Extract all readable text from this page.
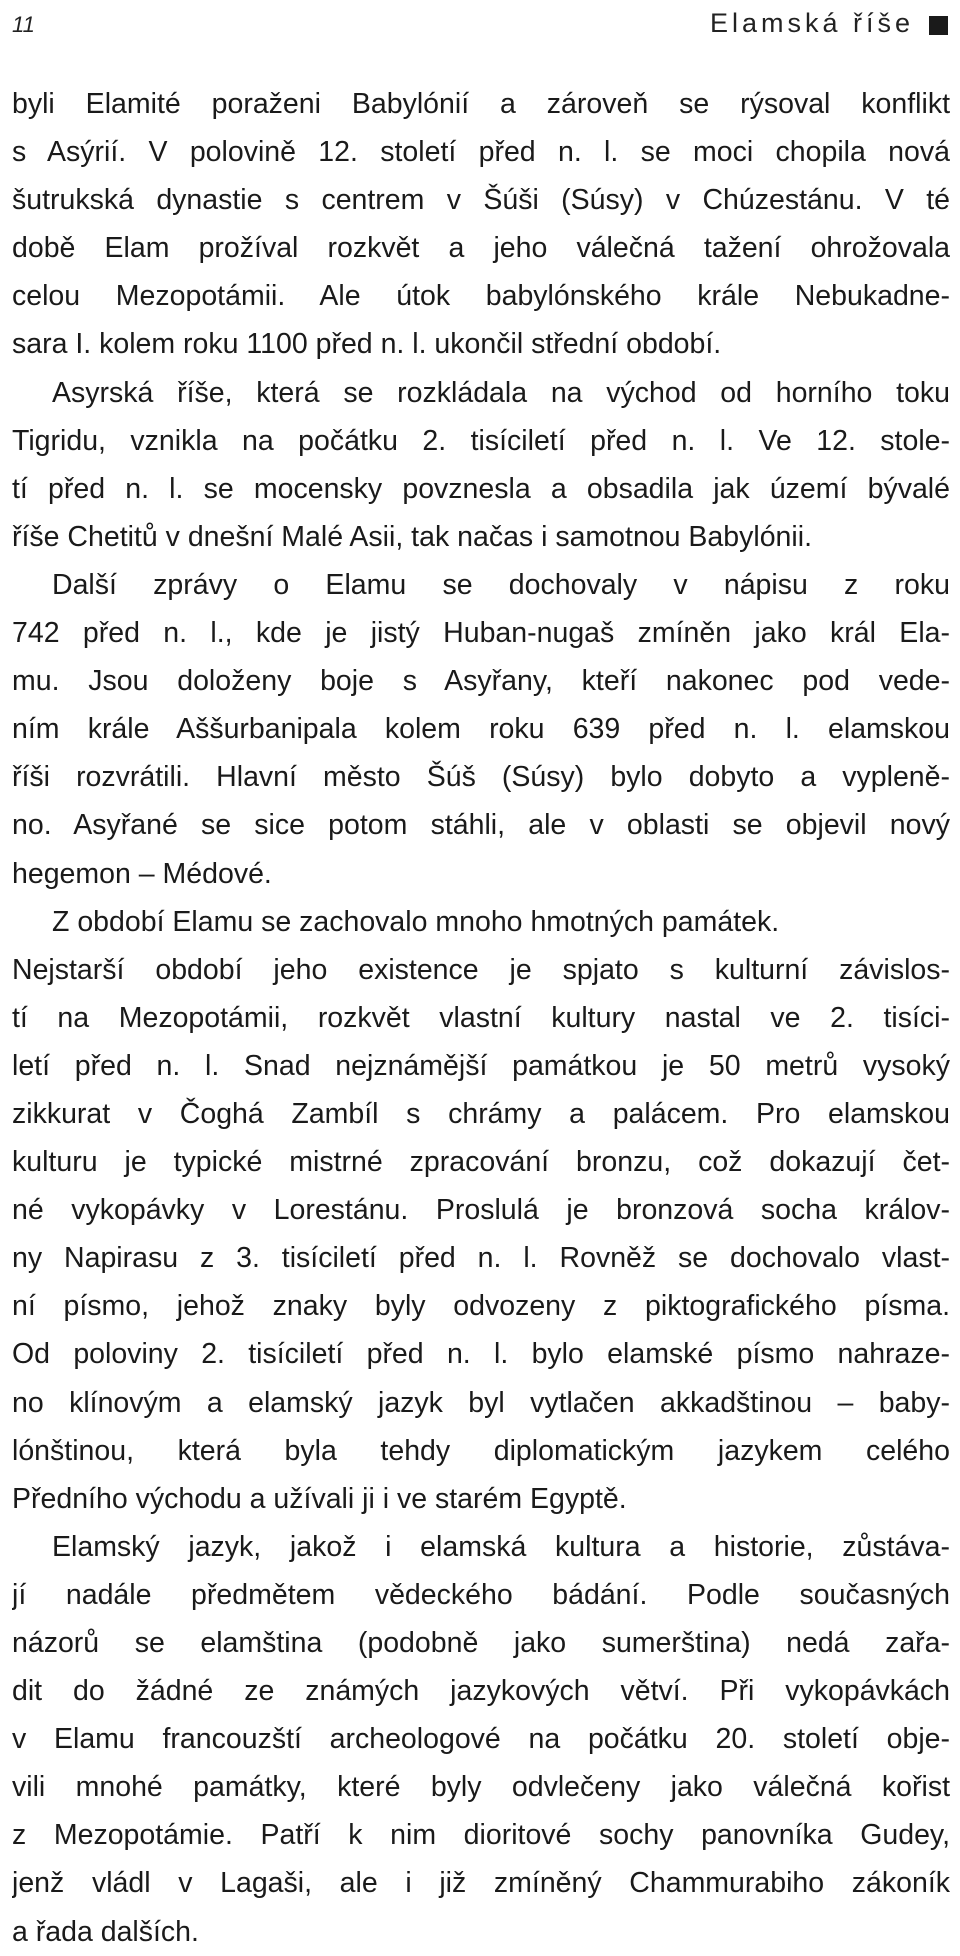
11	Elamská říše
byli Elamité poraženi Babylónií a zároveň se rýsoval konflikt
s Asýrií. V polovině 12. století před n. l. se moci chopila nová
šutrukská dynastie s centrem v Šúši (Súsy) v Chúzestánu. V té
době Elam prožíval rozkvět a jeho válečná tažení ohrožovala
celou Mezopotámii. Ale útok babylónského krále Nebukadne-
sara I. kolem roku 1100 před n. l. ukončil střední období.
Asyrská říše, která se rozkládala na východ od horního toku
Tigridu, vznikla na počátku 2. tisíciletí před n. l. Ve 12. stole-
tí před n. l. se mocensky povznesla a obsadila jak území bývalé
říše Chetitů v dnešní Malé Asii, tak načas i samotnou Babylónii.
Další zprávy o Elamu se dochovaly v nápisu z roku
742 před n. l., kde je jistý Huban-nugaš zmíněn jako král Ela-
mu. Jsou doloženy boje s Asyřany, kteří nakonec pod vede-
ním krále Aššurbanipala kolem roku 639 před n. l. elamskou
říši rozvrátili. Hlavní město Šúš (Súsy) bylo dobyto a vypleně-
no. Asyřané se sice potom stáhli, ale v oblasti se objevil nový
hegemon – Médové.
Z období Elamu se zachovalo mnoho hmotných památek.
Nejstarší období jeho existence je spjato s kulturní závislos-
tí na Mezopotámii, rozkvět vlastní kultury nastal ve 2. tisíci-
letí před n. l. Snad nejznámější památkou je 50 metrů vysoký
zikkurat v Čoghá Zambíl s chrámy a palácem. Pro elamskou
kulturu je typické mistrné zpracování bronzu, což dokazují čet-
né vykopávky v Lorestánu. Proslulá je bronzová socha králov-
ny Napirasu z 3. tisíciletí před n. l. Rovněž se dochovalo vlast-
ní písmo, jehož znaky byly odvozeny z piktografického písma.
Od poloviny 2. tisíciletí před n. l. bylo elamské písmo nahraze-
no klínovým a elamský jazyk byl vytlačen akkadštinou – baby-
lónštinou, která byla tehdy diplomatickým jazykem celého
Předního východu a užívali ji i ve starém Egyptě.
Elamský jazyk, jakož i elamská kultura a historie, zůstáva-
jí nadále předmětem vědeckého bádání. Podle současných
názorů se elamština (podobně jako sumerština) nedá zařa-
dit do žádné ze známých jazykových větví. Při vykopávkách
v Elamu francouzští archeologové na počátku 20. století obje-
vili mnohé památky, které byly odvlečeny jako válečná kořist
z Mezopotámie. Patří k nim dioritové sochy panovníka Gudey,
jenž vládl v Lagaši, ale i již zmíněný Chammurabiho zákoník
a řada dalších.
